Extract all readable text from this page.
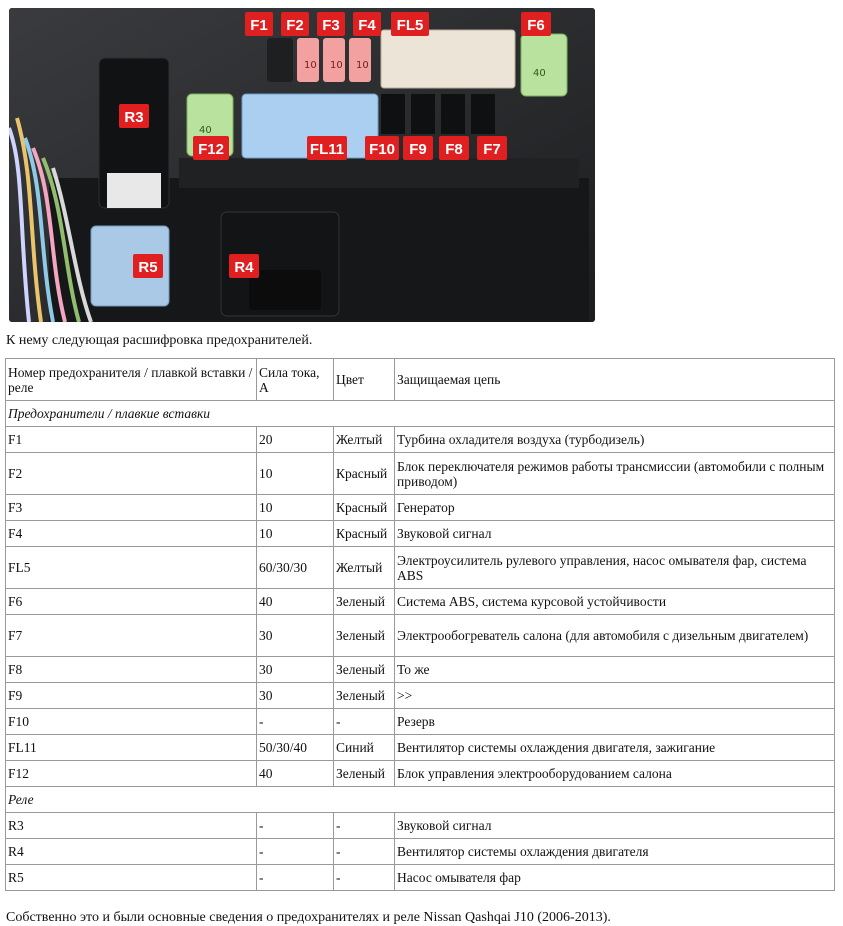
10 10 10
40
40
F1 F2 F3 F4 FL5	F6
R3
F12	FL11 F10 F9 F8 F7
R5	R4
К нему следующая расшифровка предохранителей.
Номер предохранителя / плавкой вставки / реле	Сила тока, А	Цвет	Защищаемая цепь
Предохранители / плавкие вставки			
F1	20	Желтый	Турбина охладителя воздуха (турбодизель)
F2	10	Красный	Блок переключателя режимов работы трансмиссии (автомобили с полным приводом)
F3	10	Красный	Генератор
F4	10	Красный	Звуковой сигнал
FL5	60/30/30	Желтый	Электроусилитель рулевого управления, насос омывателя фар, система ABS
F6	40	Зеленый	Система ABS, система курсовой устойчивости
F7	30	Зеленый	Электрообогреватель салона (для автомобиля с дизельным двигателем)
F8	30	Зеленый	То же
F9	30	Зеленый	>>
F10	-	-	Резерв
FL11	50/30/40	Синий	Вентилятор системы охлаждения двигателя, зажигание
F12	40	Зеленый	Блок управления электрооборудованием салона
Реле			
R3	-	-	Звуковой сигнал
R4	-	-	Вентилятор системы охлаждения двигателя
R5	-	-	Насос омывателя фар
Собственно это и были основные сведения о предохранителях и реле Nissan Qashqai J10 (2006-2013).
